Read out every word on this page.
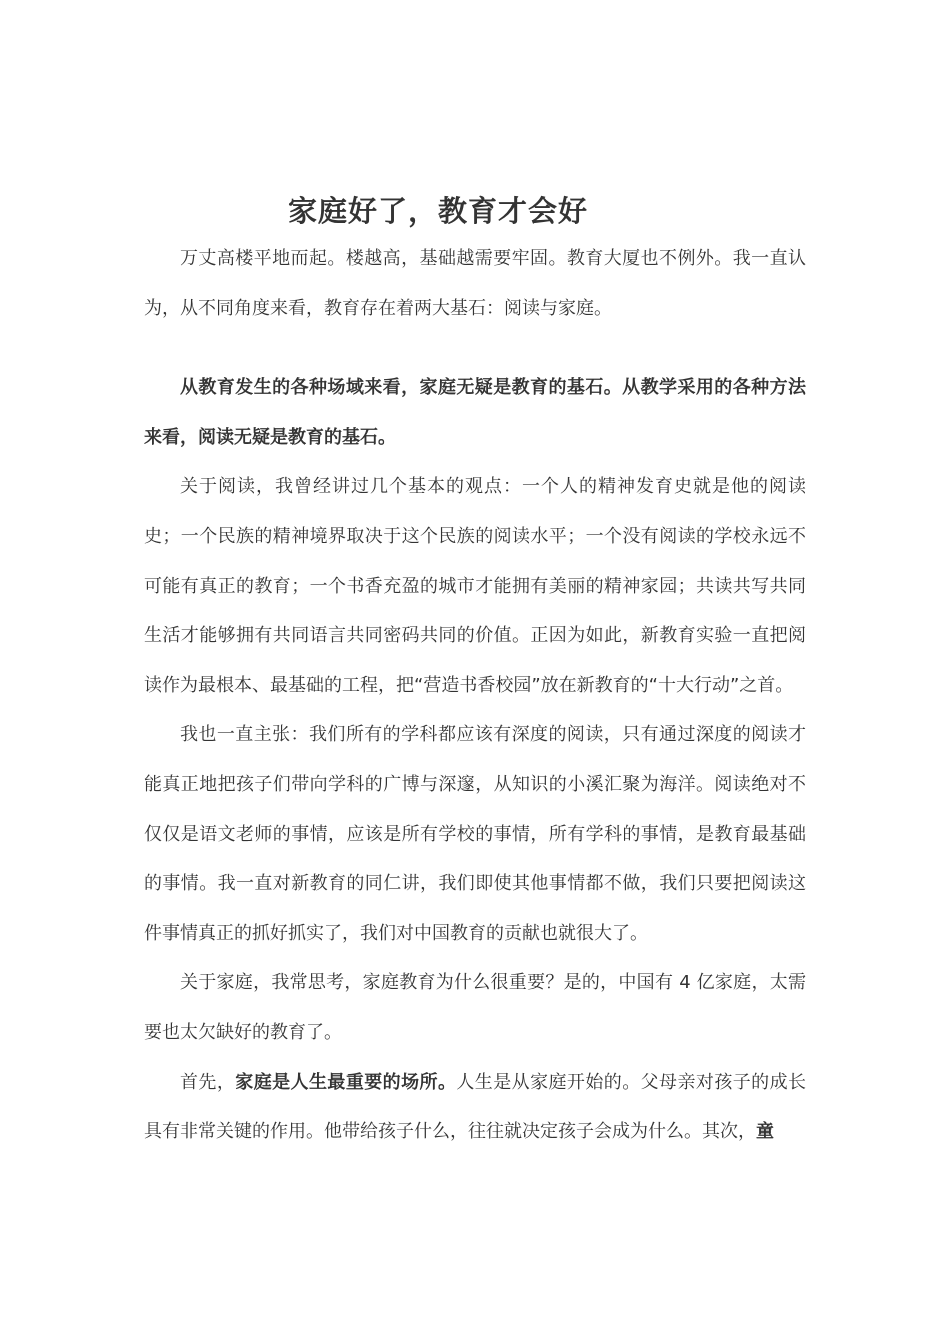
家庭好了，教育才会好

万丈高楼平地而起。楼越高，基础越需要牢固。教育大厦也不例外。我一直认为，从不同角度来看，教育存在着两大基石：阅读与家庭。

从教育发生的各种场域来看，家庭无疑是教育的基石。从教学采用的各种方法来看，阅读无疑是教育的基石。

关于阅读，我曾经讲过几个基本的观点：一个人的精神发育史就是他的阅读史；一个民族的精神境界取决于这个民族的阅读水平；一个没有阅读的学校永远不可能有真正的教育；一个书香充盈的城市才能拥有美丽的精神家园；共读共写共同生活才能够拥有共同语言共同密码共同的价值。正因为如此，新教育实验一直把阅读作为最根本、最基础的工程，把“营造书香校园”放在新教育的“十大行动”之首。

我也一直主张：我们所有的学科都应该有深度的阅读，只有通过深度的阅读才能真正地把孩子们带向学科的广博与深邃，从知识的小溪汇聚为海洋。阅读绝对不仅仅是语文老师的事情，应该是所有学校的事情，所有学科的事情，是教育最基础的事情。我一直对新教育的同仁讲，我们即使其他事情都不做，我们只要把阅读这件事情真正的抓好抓实了，我们对中国教育的贡献也就很大了。

关于家庭，我常思考，家庭教育为什么很重要？是的，中国有 4 亿家庭，太需要也太欠缺好的教育了。

首先，家庭是人生最重要的场所。人生是从家庭开始的。父母亲对孩子的成长具有非常关键的作用。他带给孩子什么，往往就决定孩子会成为什么。其次，童
